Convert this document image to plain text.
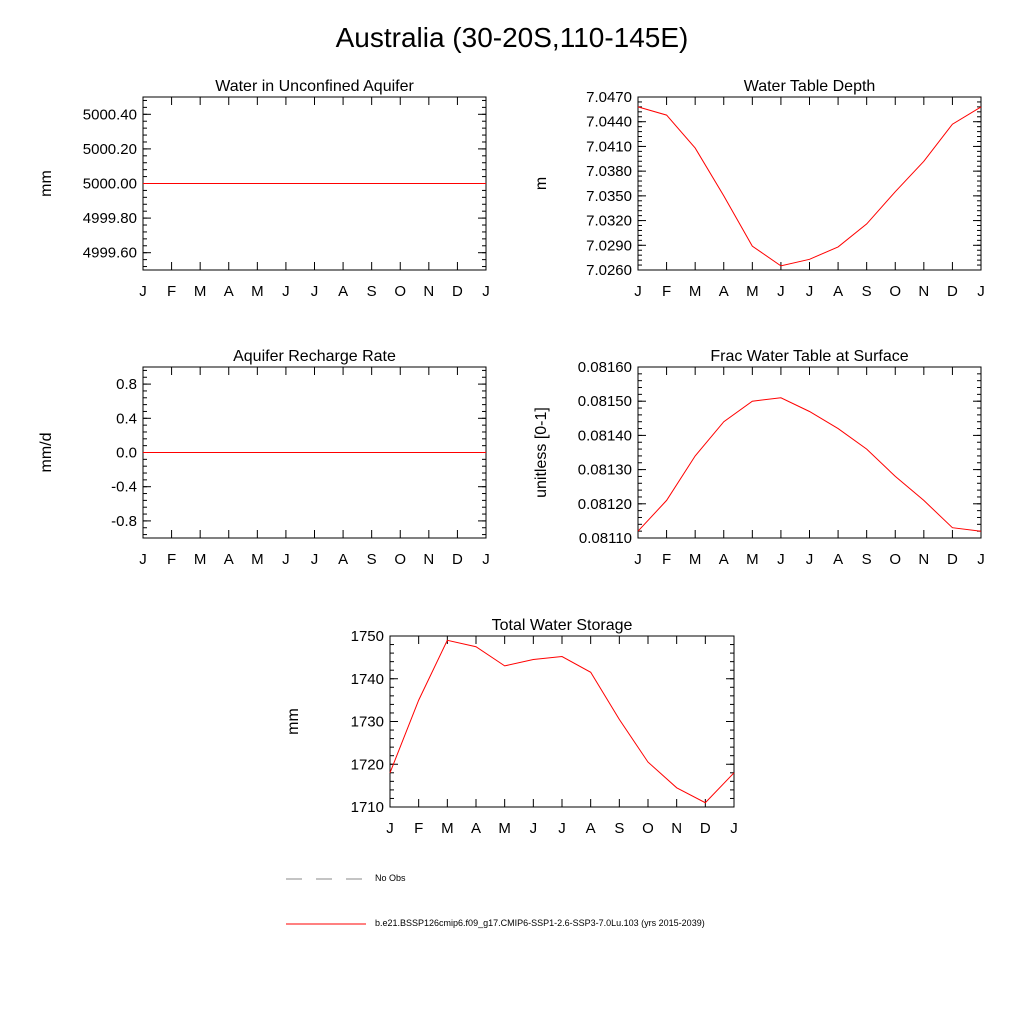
Australia (30-20S,110-145E)
Water in Unconfined Aquifer
J F M A M J J A S O N D J
4999.60
4999.80
5000.00
5000.20
5000.40
mm
Water Table Depth
J F M A M J J A S O N D J
7.0260
7.0290
7.0320
7.0350
7.0380
7.0410
7.0440
7.0470
m
Aquifer Recharge Rate
J F M A M J J A S O N D J
-0.8
-0.4
0.0
0.4
0.8
mm/d
Frac Water Table at Surface
J F M A M J J A S O N D J
0.08110
0.08120
0.08130
0.08140
0.08150
0.08160
unitless [0-1]
Total Water Storage
J F M A M J J A S O N D J
1710
1720
1730
1740
1750
mm
No Obs
b.e21.BSSP126cmip6.f09_g17.CMIP6-SSP1-2.6-SSP3-7.0Lu.103 (yrs 2015-2039)
